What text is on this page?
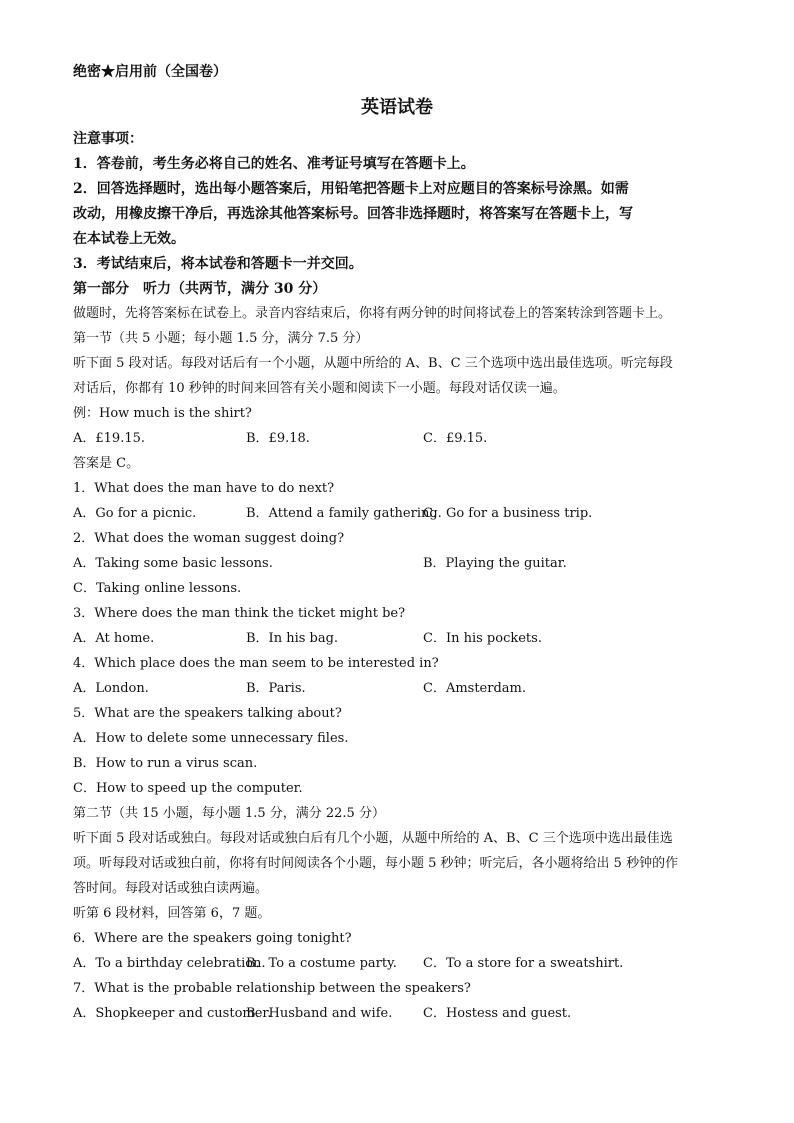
绝密★启用前（全国卷）
英语试卷
注意事项：
1．答卷前，考生务必将自己的姓名、准考证号填写在答题卡上。
2．回答选择题时，选出每小题答案后，用铅笔把答题卡上对应题目的答案标号涂黑。如需
改动，用橡皮擦干净后，再选涂其他答案标号。回答非选择题时，将答案写在答题卡上，写
在本试卷上无效。
3．考试结束后，将本试卷和答题卡一并交回。
第一部分　听力（共两节，满分 30 分）
做题时，先将答案标在试卷上。录音内容结束后，你将有两分钟的时间将试卷上的答案转涂到答题卡上。
第一节（共 5 小题；每小题 1.5 分，满分 7.5 分）
听下面 5 段对话。每段对话后有一个小题，从题中所给的 A、B、C 三个选项中选出最佳选项。听完每段
对话后，你都有 10 秒钟的时间来回答有关小题和阅读下一小题。每段对话仅读一遍。
例：How much is the shirt?
A．£19.15.	B．£9.18.	C．£9.15.
答案是 C。
1．What does the man have to do next?
A．Go for a picnic.	B．Attend a family gathering.
C．Go for a business trip.
2．What does the woman suggest doing?
A．Taking some basic lessons.	B．Playing the guitar.
C．Taking online lessons.
3．Where does the man think the ticket might be?
A．At home.	B．In his bag.	C．In his pockets.
4．Which place does the man seem to be interested in?
A．London.	B．Paris.	C．Amsterdam.
5．What are the speakers talking about?
A．How to delete some unnecessary files.
B．How to run a virus scan.
C．How to speed up the computer.
第二节（共 15 小题，每小题 1.5 分，满分 22.5 分）
听下面 5 段对话或独白。每段对话或独白后有几个小题，从题中所给的 A、B、C 三个选项中选出最佳选
项。听每段对话或独白前，你将有时间阅读各个小题，每小题 5 秒钟；听完后，各小题将给出 5 秒钟的作
答时间。每段对话或独白读两遍。
听第 6 段材料，回答第 6，7 题。
6．Where are the speakers going tonight?
A．To a birthday celebration.
B．To a costume party. C．To a store for a sweatshirt.
7．What is the probable relationship between the speakers?
A．Shopkeeper and customer.
B．Husband and wife. C．Hostess and guest.
